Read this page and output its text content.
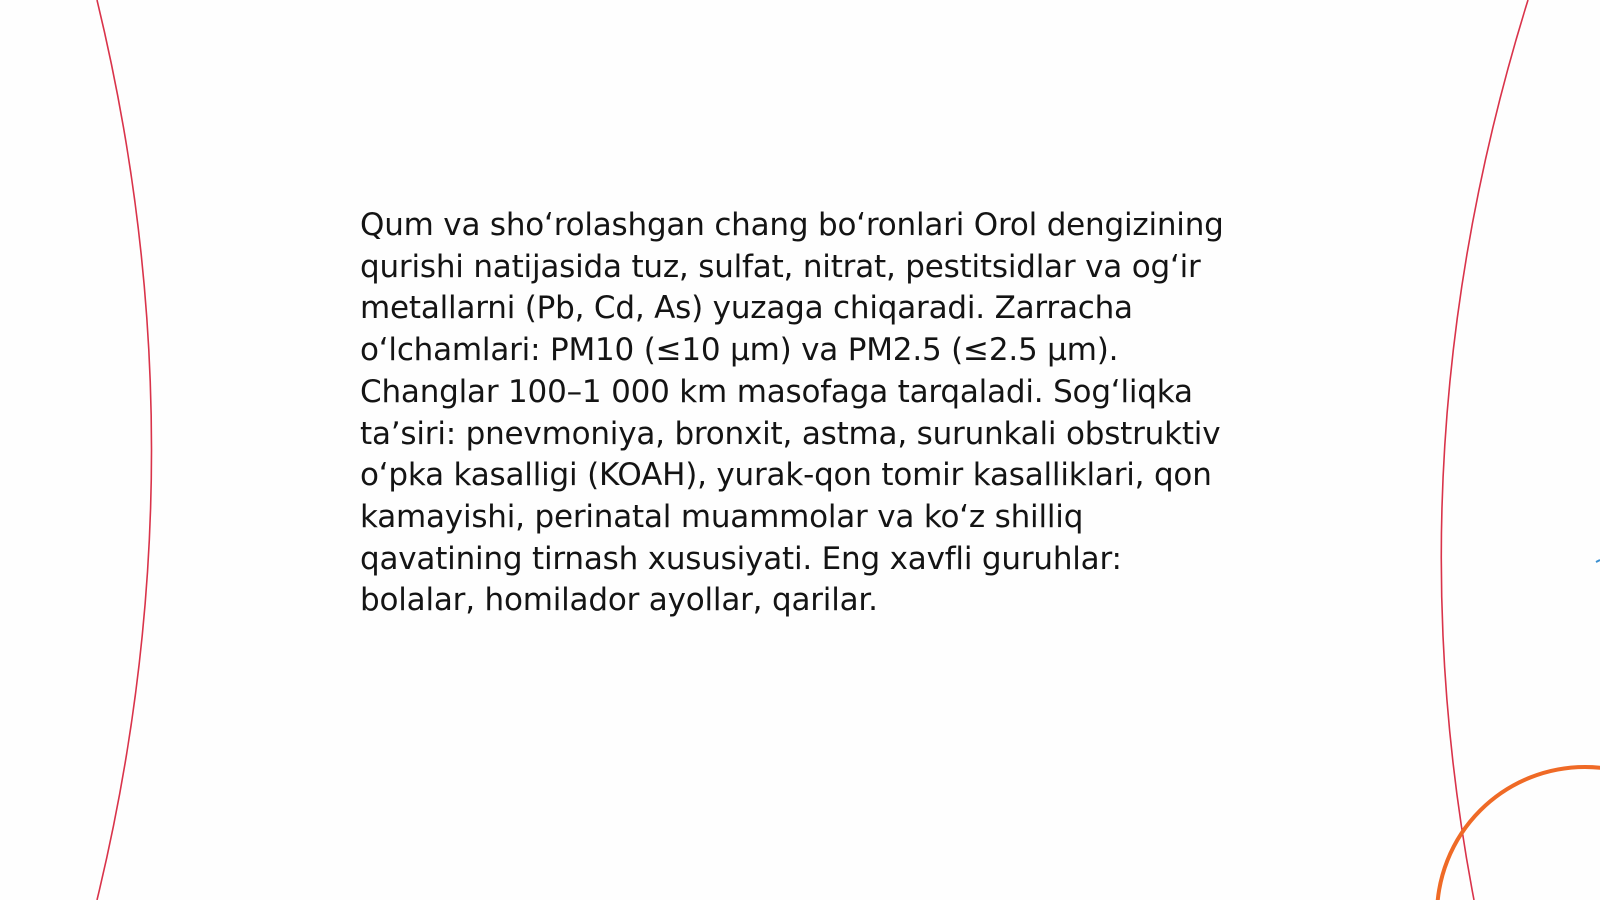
Qum va sho‘rolashgan chang bo‘ronlari Orol dengizining qurishi natijasida tuz, sulfat, nitrat, pestitsidlar va og‘ir metallarni (Pb, Cd, As) yuzaga chiqaradi. Zarracha o‘lchamlari: PM10 (≤10 µm) va PM2.5 (≤2.5 µm). Changlar 100–1 000 km masofaga tarqaladi. Sog‘liqka ta’siri: pnevmoniya, bronxit, astma, surunkali obstruktiv o‘pka kasalligi (KOAH), yurak-qon tomir kasalliklari, qon kamayishi, perinatal muammolar va ko‘z shilliq qavatining tirnash xususiyati. Eng xavfli guruhlar: bolalar, homilador ayollar, qarilar.
